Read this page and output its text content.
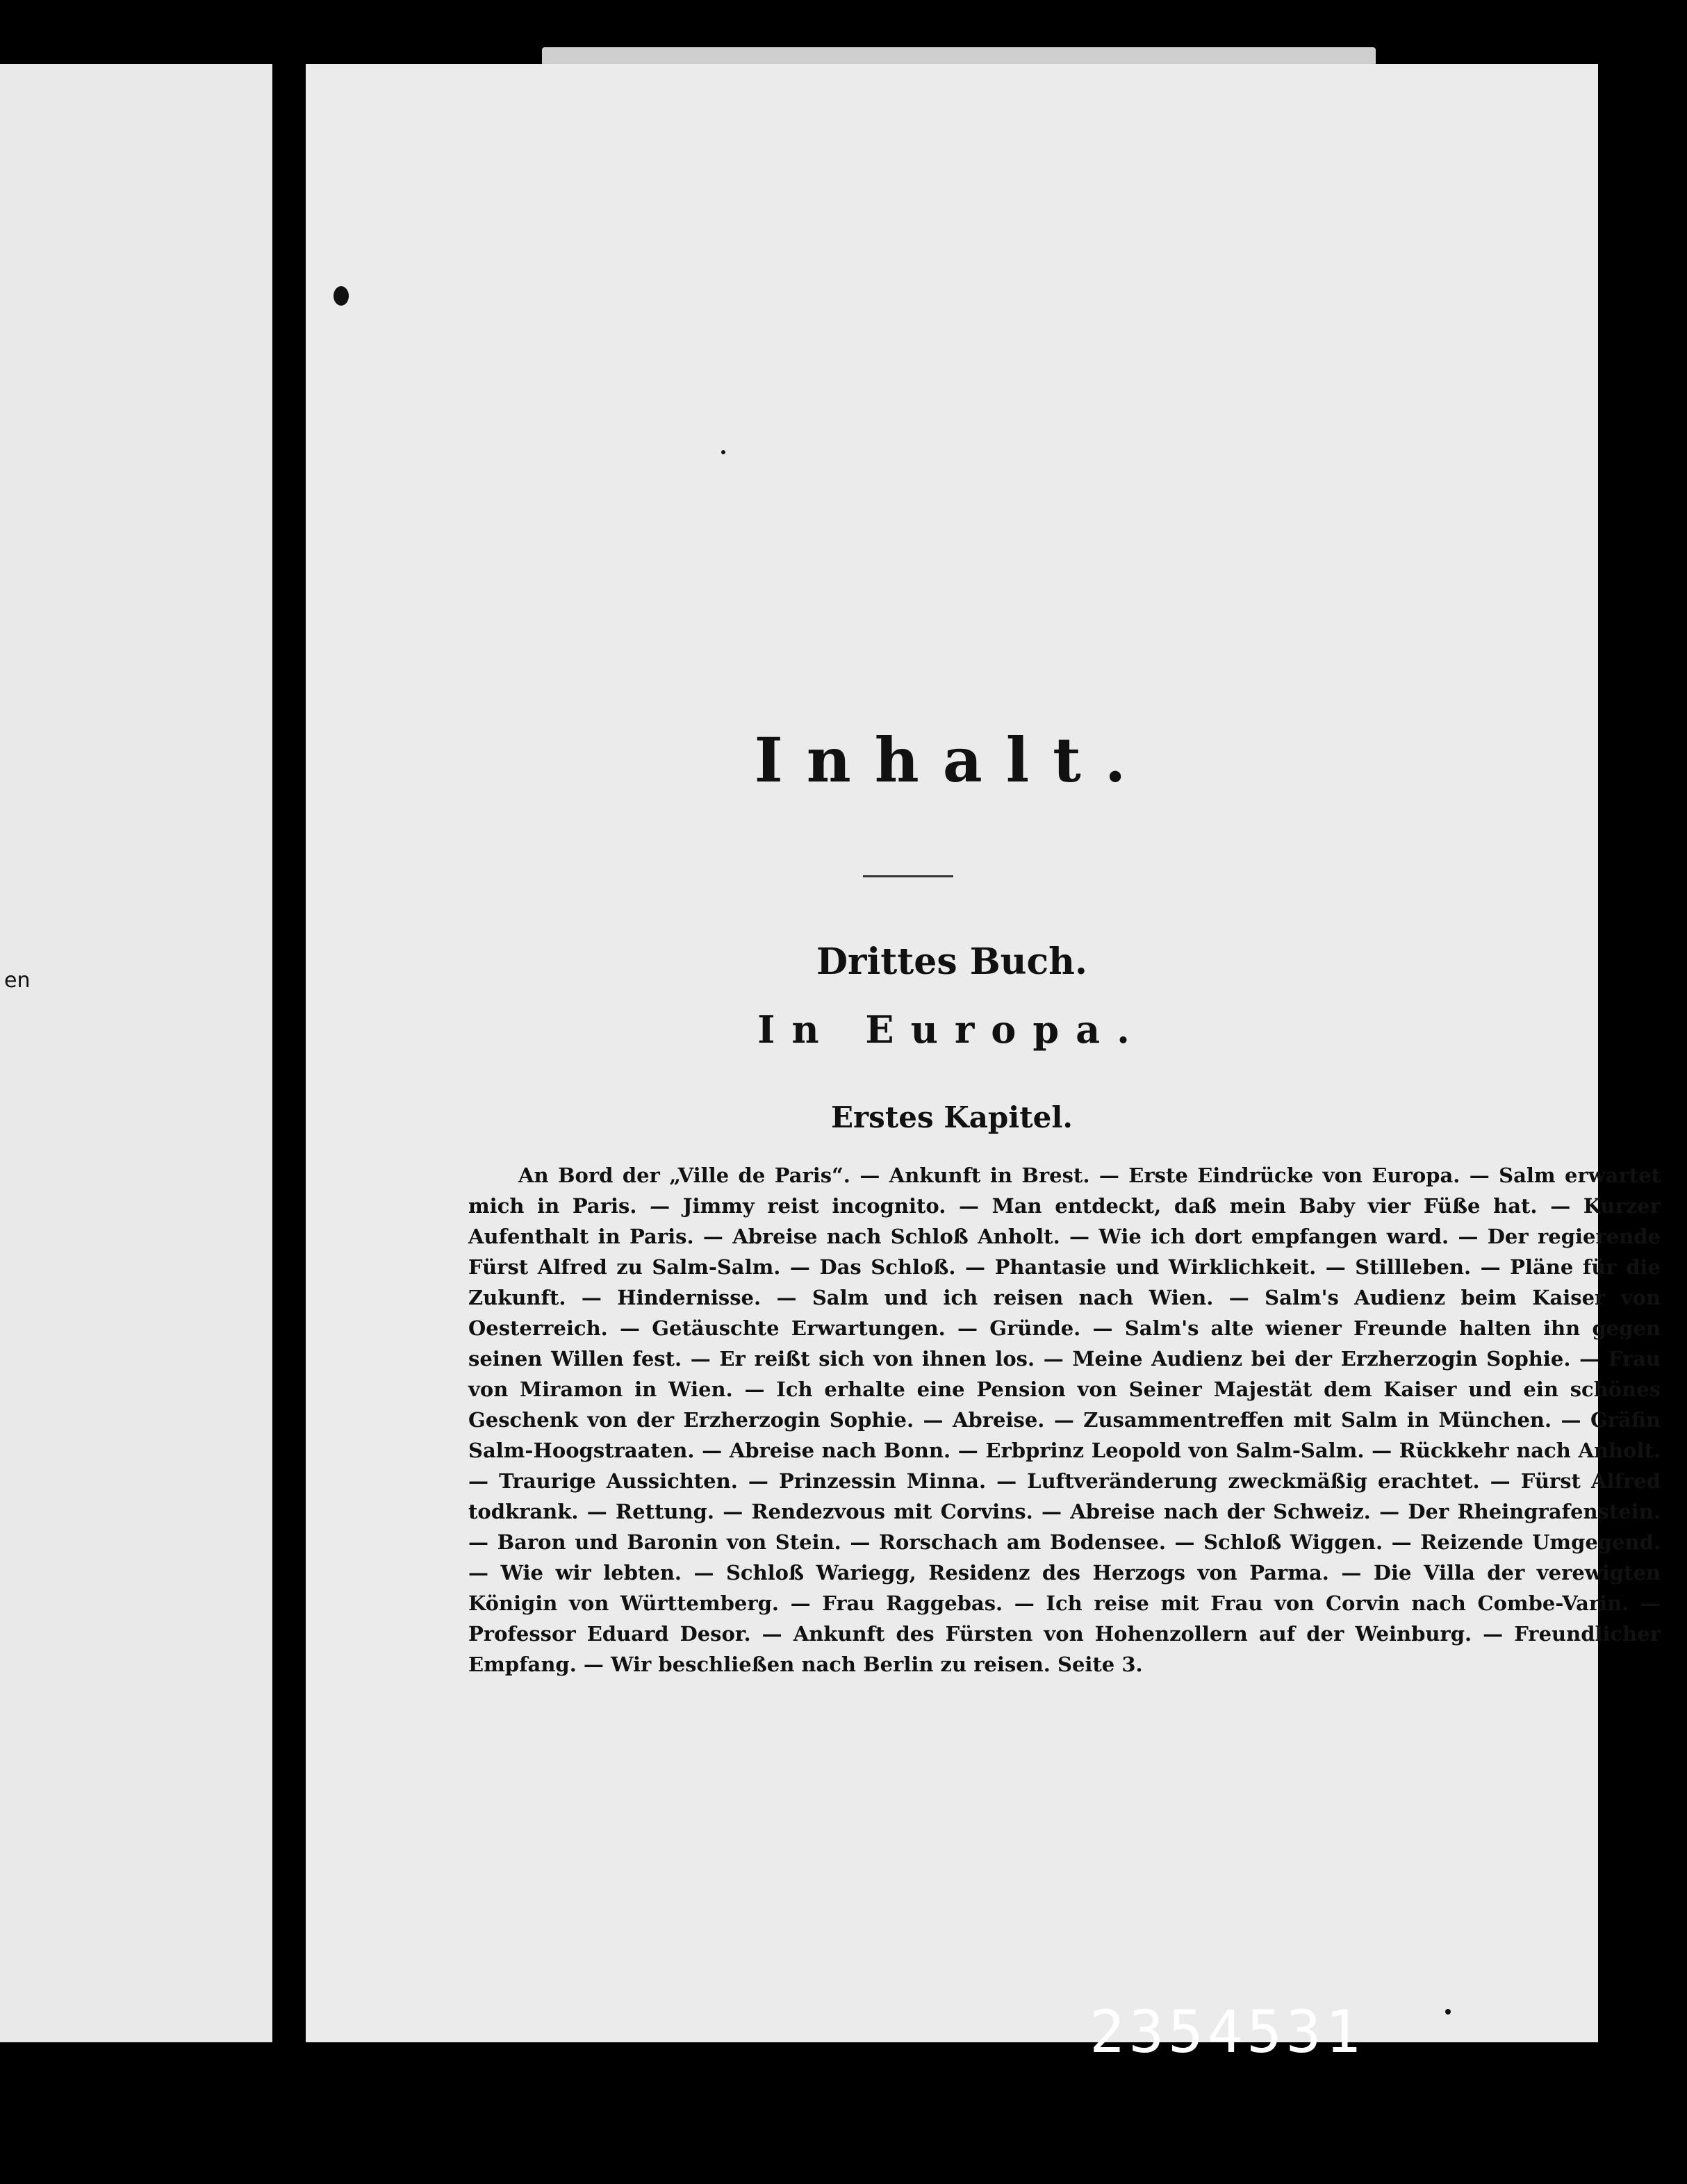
en
Inhalt.
Drittes Buch.
In Europa.
Erstes Kapitel.

An Bord der „Ville de Paris“. — Ankunft in Brest. — Erste Eindrücke von Europa. — Salm erwartet mich in Paris. — Jimmy reist incognito. — Man entdeckt, daß mein Baby vier Füße hat. — Kurzer Aufenthalt in Paris. — Abreise nach Schloß Anholt. — Wie ich dort empfangen ward. — Der regierende Fürst Alfred zu Salm-Salm. — Das Schloß. — Phantasie und Wirklichkeit. — Stillleben. — Pläne für die Zukunft. — Hindernisse. — Salm und ich reisen nach Wien. — Salm's Audienz beim Kaiser von Oesterreich. — Getäuschte Erwartungen. — Gründe. — Salm's alte wiener Freunde halten ihn gegen seinen Willen fest. — Er reißt sich von ihnen los. — Meine Audienz bei der Erzherzogin Sophie. — Frau von Miramon in Wien. — Ich erhalte eine Pension von Seiner Majestät dem Kaiser und ein schönes Geschenk von der Erzherzogin Sophie. — Abreise. — Zusammentreffen mit Salm in München. — Gräfin Salm-Hoogstraaten. — Abreise nach Bonn. — Erbprinz Leopold von Salm-Salm. — Rückkehr nach Anholt. — Traurige Aussichten. — Prinzessin Minna. — Luftveränderung zweckmäßig erachtet. — Fürst Alfred todkrank. — Rettung. — Rendezvous mit Corvins. — Abreise nach der Schweiz. — Der Rheingrafenstein. — Baron und Baronin von Stein. — Rorschach am Bodensee. — Schloß Wiggen. — Reizende Umgegend. — Wie wir lebten. — Schloß Wariegg, Residenz des Herzogs von Parma. — Die Villa der verewigten Königin von Württemberg. — Frau Raggebas. — Ich reise mit Frau von Corvin nach Combe-Varin. — Professor Eduard Desor. — Ankunft des Fürsten von Hohenzollern auf der Weinburg. — Freundlicher Empfang. — Wir beschließen nach Berlin zu reisen. Seite 3.

2354531
